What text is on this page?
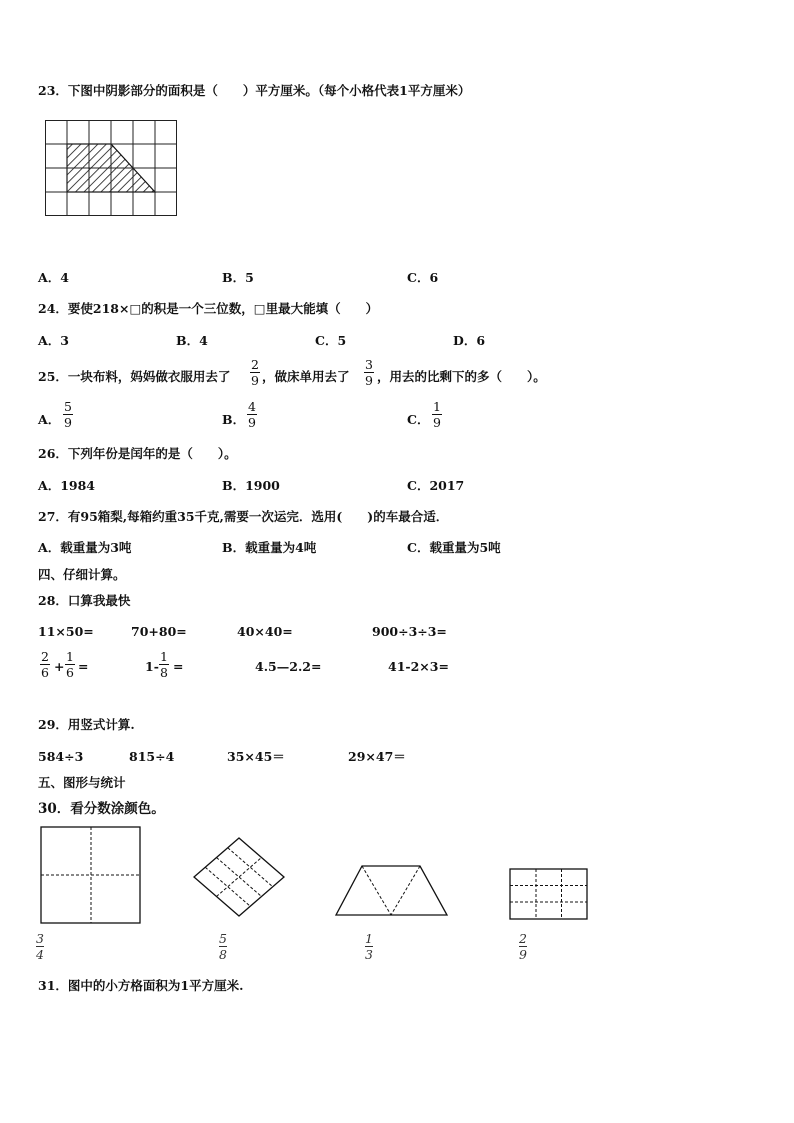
23．下图中阴影部分的面积是（　　）平方厘米。（每个小格代表1平方厘米）
A．4	B．5	C．6
24．要使218×□的积是一个三位数，□里最大能填（　　）
A．3	B．4	C．5	D．6
25．一块布料，妈妈做衣服用去了
2
9 ，做床单用去了
3
9 ，用去的比剩下的多（　　）。
A．
5
9	B．
4
9	C．
1
9
26．下列年份是闰年的是（　　）。
A．1984	B．1900	C．2017
27．有95箱梨,每箱约重35千克,需要一次运完．选用(　　)的车最合适．
A．载重量为3吨	B．载重量为4吨	C．载重量为5吨
四、仔细计算。
28．口算我最快
11×50=	70+80=	40×40=	900÷3÷3=
2
6 +
1
6 =	1-
1
8 =	4.5—2.2=	41-2×3=
29．用竖式计算.
584÷3	815÷4	35×45＝	29×47＝
五、图形与统计
30．看分数涂颜色。
3
4
5
8
1
3
2
9
31．图中的小方格面积为1平方厘米.
